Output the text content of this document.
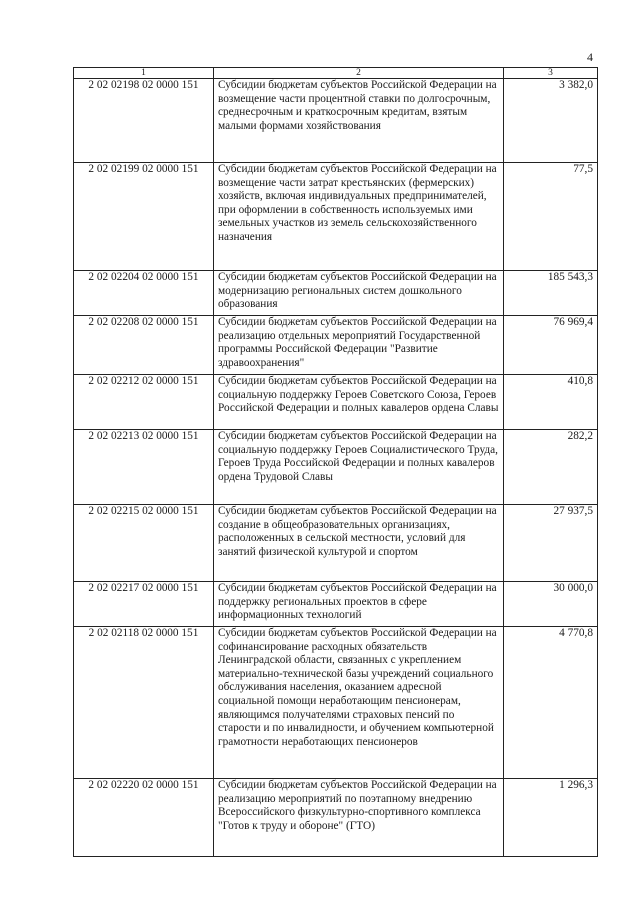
4
1	2	3
2 02 02198 02 0000 151	Субсидии бюджетам субъектов Российской Федерации на возмещение части процентной ставки по долгосрочным, среднесрочным и краткосрочным кредитам, взятым малыми формами хозяйствования	3 382,0
2 02 02199 02 0000 151	Субсидии бюджетам субъектов Российской Федерации на возмещение части затрат крестьянских (фермерских) хозяйств, включая индивидуальных предпринимателей, при оформлении в собственность используемых ими земельных участков из земель сельскохозяйственного назначения	77,5
2 02 02204 02 0000 151	Субсидии бюджетам субъектов Российской Федерации на модернизацию региональных систем дошкольного образования	185 543,3
2 02 02208 02 0000 151	Субсидии бюджетам субъектов Российской Федерации на реализацию отдельных мероприятий Государственной программы Российской Федерации "Развитие здравоохранения"	76 969,4
2 02 02212 02 0000 151	Субсидии бюджетам субъектов Российской Федерации на социальную поддержку Героев Советского Союза, Героев Российской Федерации и полных кавалеров ордена Славы	410,8
2 02 02213 02 0000 151	Субсидии бюджетам субъектов Российской Федерации на социальную поддержку Героев Социалистического Труда, Героев Труда Российской Федерации и полных кавалеров ордена Трудовой Славы	282,2
2 02 02215 02 0000 151	Субсидии бюджетам субъектов Российской Федерации на создание в общеобразовательных организациях, расположенных в сельской местности, условий для занятий физической культурой и спортом	27 937,5
2 02 02217 02 0000 151	Субсидии бюджетам субъектов Российской Федерации на поддержку региональных проектов в сфере информационных технологий	30 000,0
2 02 02118 02 0000 151	Субсидии бюджетам субъектов Российской Федерации на софинансирование расходных обязательств Ленинградской области, связанных с укреплением материально-технической базы учреждений социального обслуживания населения, оказанием адресной социальной помощи неработающим пенсионерам, являющимся получателями страховых пенсий по старости и по инвалидности, и обучением компьютерной грамотности неработающих пенсионеров	4 770,8
2 02 02220 02 0000 151	Субсидии бюджетам субъектов Российской Федерации на реализацию мероприятий по поэтапному внедрению Всероссийского физкультурно-спортивного комплекса "Готов к труду и обороне" (ГТО)	1 296,3
